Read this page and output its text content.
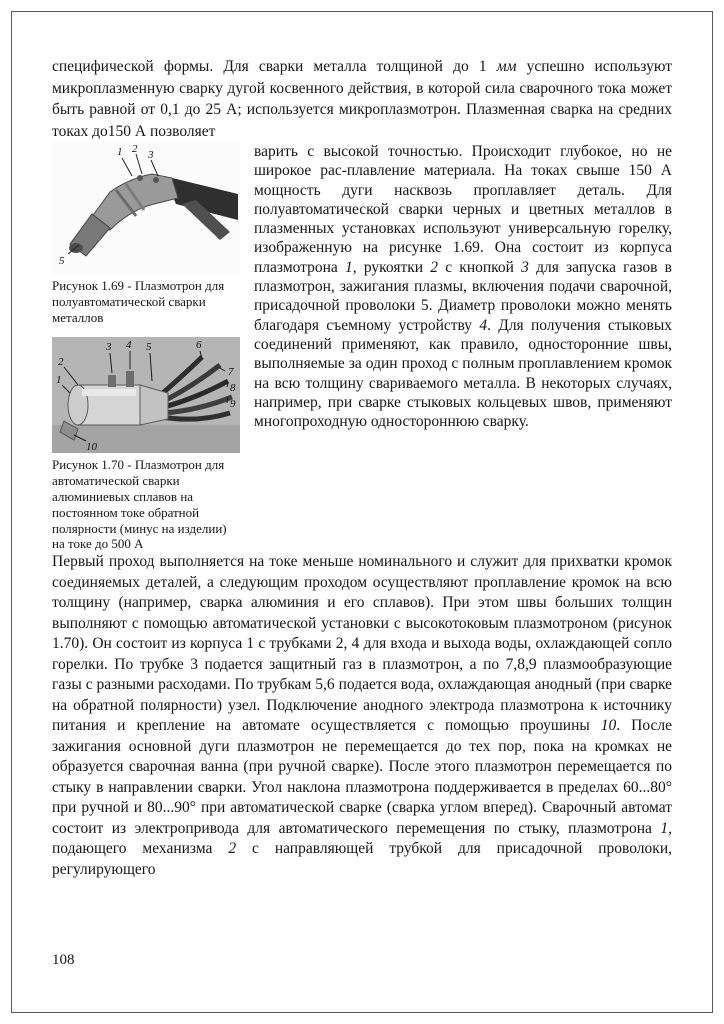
специфической формы. Для сварки металла толщиной до 1 мм успешно используют микроплазменную сварку дугой косвенного действия, в которой сила сварочного тока может быть равной от 0,1 до 25 А; используется микроплазмотрон. Плазменная сварка на средних токах до150 А позволяет

1 2 3
5

Рисунок 1.69 - Плазмотрон для полуавтоматической сварки металлов

1
2
3 4 5	6
7
8
9
10

Рисунок 1.70 - Плазмотрон для автоматической сварки алюминиевых сплавов на постоянном токе обратной полярности (минус на изделии) на токе до 500 А

варить с высокой точностью. Происходит глубокое, но не широкое рас-плавление материала. На токах свыше 150 А мощность дуги насквозь проплавляет деталь. Для полуавтоматической сварки черных и цветных металлов в плазменных установках используют универсальную горелку, изображенную на рисунке 1.69. Она состоит из корпуса плазмотрона 1, рукоятки 2 с кнопкой 3 для запуска газов в плазмотрон, зажигания плазмы, включения подачи сварочной, присадочной проволоки 5. Диаметр проволоки можно менять благодаря съемному устройству 4. Для получения стыковых соединений применяют, как правило, односторонние швы, выполняемые за один проход с полным проплавлением кромок на всю толщину свариваемого металла. В некоторых случаях, например, при сварке стыковых кольцевых швов, применяют многопроходную одностороннюю сварку.

Первый проход выполняется на токе меньше номинального и служит для прихватки кромок соединяемых деталей, а следующим проходом осуществляют проплавление кромок на всю толщину (например, сварка алюминия и его сплавов). При этом швы больших толщин выполняют с помощью автоматической установки с высокотоковым плазмотроном (рисунок 1.70). Он состоит из корпуса 1 с трубками 2, 4 для входа и выхода воды, охлаждающей сопло горелки. По трубке 3 подается защитный газ в плазмотрон, а по 7,8,9 плазмообразующие газы с разными расходами. По трубкам 5,6 подается вода, охлаждающая анодный (при сварке на обратной полярности) узел. Подключение анодного электрода плазмотрона к источнику питания и крепление на автомате осуществляется с помощью проушины 10. После зажигания основной дуги плазмотрон не перемещается до тех пор, пока на кромках не образуется сварочная ванна (при ручной сварке). После этого плазмотрон перемещается по стыку в направлении сварки. Угол наклона плазмотрона поддерживается в пределах 60...80° при ручной и 80...90° при автоматической сварке (сварка углом вперед). Сварочный автомат состоит из электропривода для автоматического перемещения по стыку, плазмотрона 1, подающего механизма 2 с направляющей трубкой для присадочной проволоки, регулирующего

108
